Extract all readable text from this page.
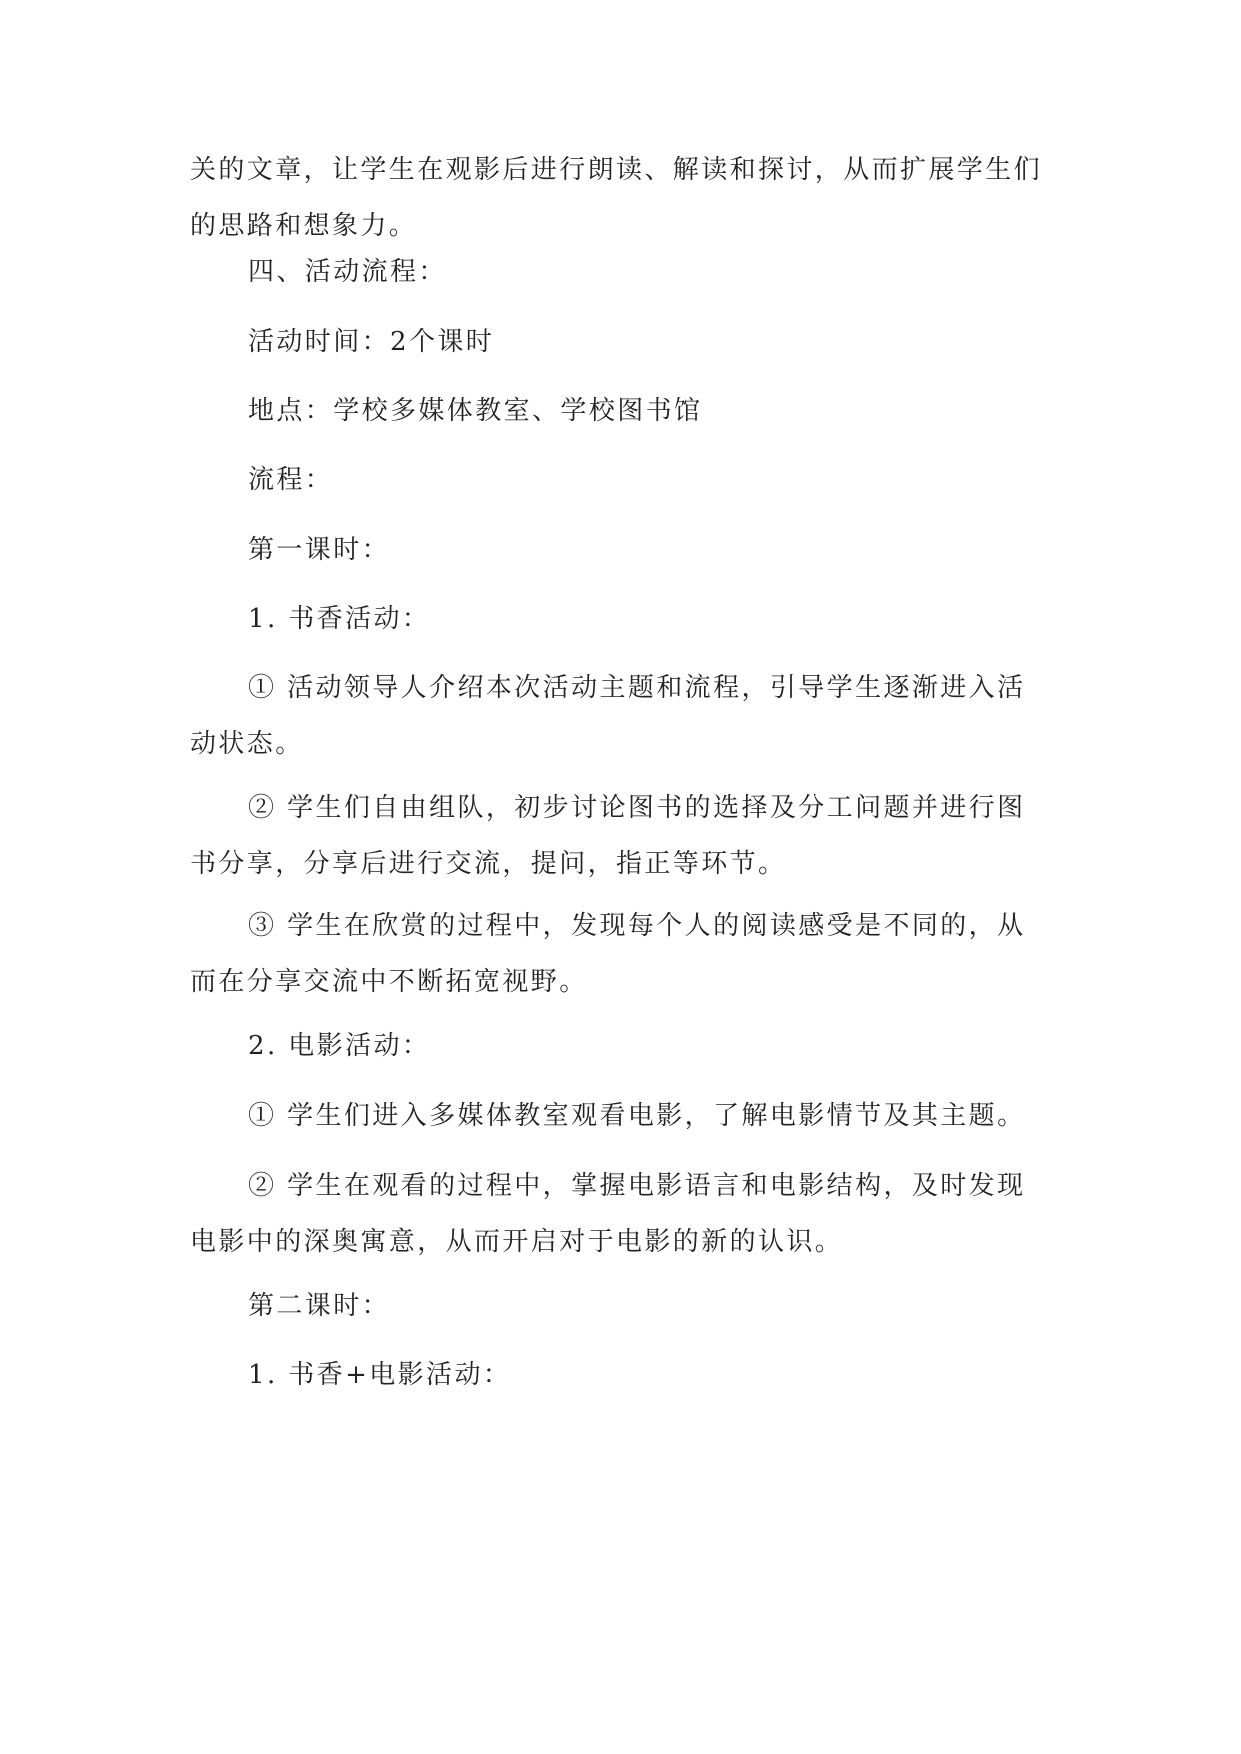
关的文章，让学生在观影后进行朗读、解读和探讨，从而扩展学生们的思路和想象力。

四、活动流程：

活动时间：2个课时

地点：学校多媒体教室、学校图书馆

流程：

第一课时：

1. 书香活动：

① 活动领导人介绍本次活动主题和流程，引导学生逐渐进入活动状态。

② 学生们自由组队，初步讨论图书的选择及分工问题并进行图书分享，分享后进行交流，提问，指正等环节。

③ 学生在欣赏的过程中，发现每个人的阅读感受是不同的，从而在分享交流中不断拓宽视野。

2. 电影活动：

① 学生们进入多媒体教室观看电影，了解电影情节及其主题。

② 学生在观看的过程中，掌握电影语言和电影结构，及时发现电影中的深奥寓意，从而开启对于电影的新的认识。

第二课时：

1. 书香+电影活动：
